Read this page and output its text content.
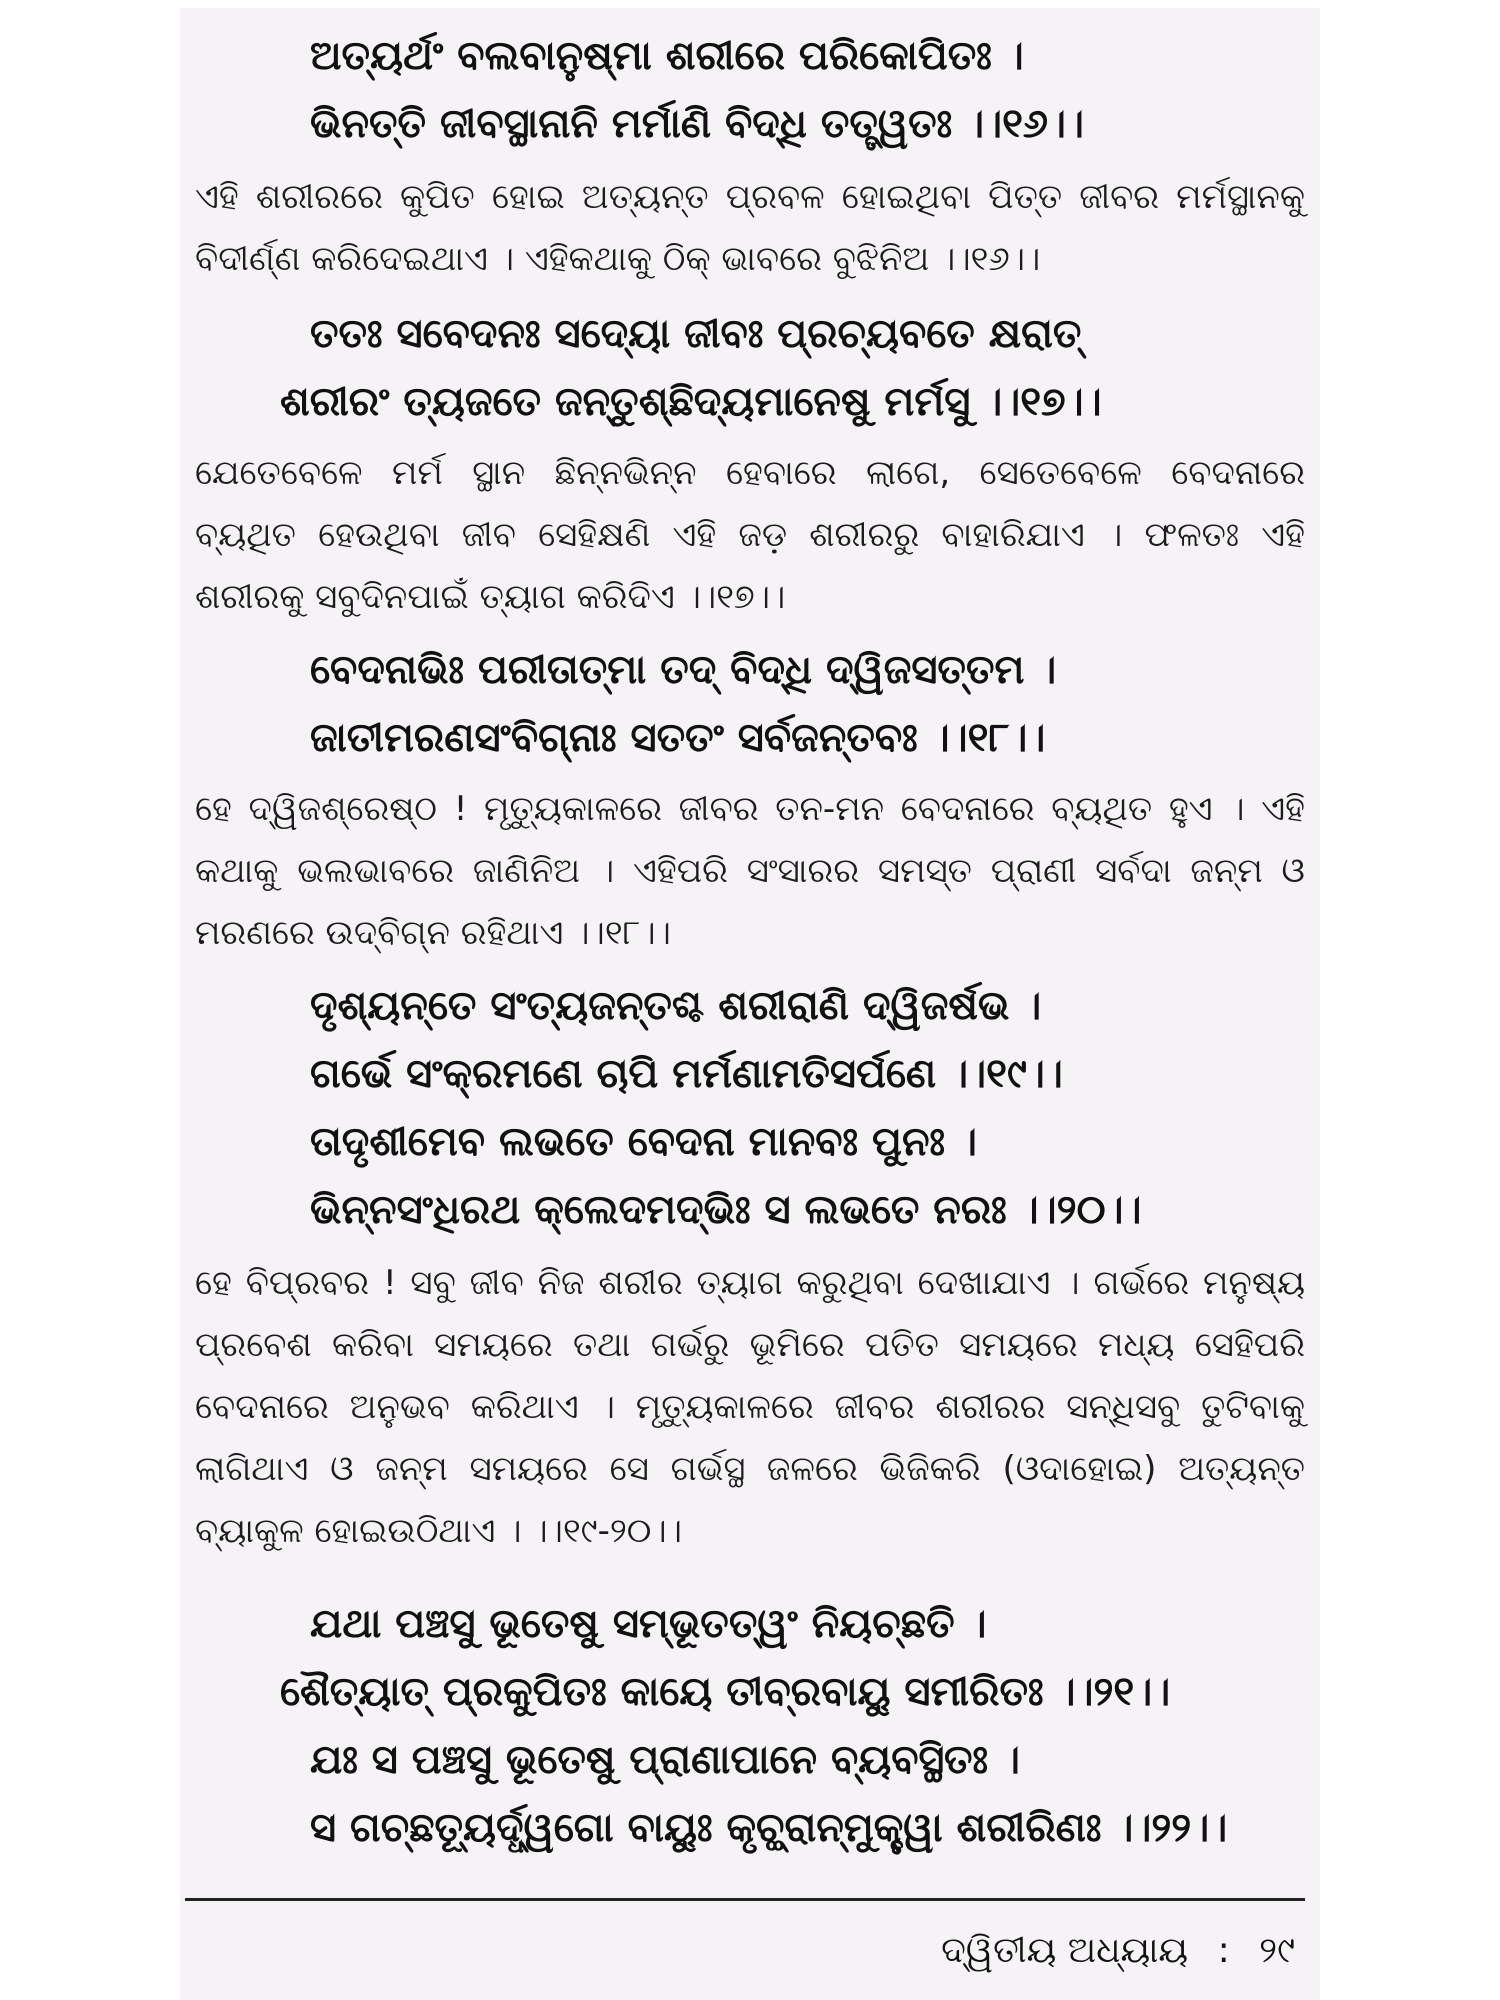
ଅତ୍ୟର୍ଥଂ ବଲବାନୁଷ୍ମା ଶରୀରେ ପରିକୋପିତଃ ।
ଭିନତ୍ତି ଜୀବସ୍ଥାନାନି ମର୍ମାଣି ବିଦ୍ଧି ତତ୍ତ୍ୱତଃ ।।୧୬।।
ଏହି ଶରୀରରେ କୁପିତ ହୋଇ ଅତ୍ୟନ୍ତ ପ୍ରବଳ ହୋଇଥିବା ପିତ୍ତ ଜୀବର ମର୍ମସ୍ଥାନକୁ
ବିଦୀର୍ଣ୍ଣ କରିଦେଇଥାଏ । ଏହିକଥାକୁ ଠିକ୍ ଭାବରେ ବୁଝିନିଅ ।।୧୬।।
ତତଃ ସବେଦନଃ ସଦ୍ୟୋ ଜୀବଃ ପ୍ରଚ୍ୟବତେ କ୍ଷରାତ୍
ଶରୀରଂ ତ୍ୟଜତେ ଜନ୍ତୁଶ୍ଛିଦ୍ୟମାନେଷୁ ମର୍ମସୁ ।।୧୭।।
ଯେତେବେଳେ ମର୍ମ ସ୍ଥାନ ଛିନ୍ନଭିନ୍ନ ହେବାରେ ଲାଗେ, ସେତେବେଳେ ବେଦନାରେ
ବ୍ୟଥିତ ହେଉଥିବା ଜୀବ ସେହିକ୍ଷଣି ଏହି ଜଡ଼ ଶରୀରରୁ ବାହାରିଯାଏ । ଫଳତଃ ଏହି
ଶରୀରକୁ ସବୁଦିନପାଇଁ ତ୍ୟାଗ କରିଦିଏ ।।୧୭।।
ବେଦନାଭିଃ ପରୀତାତ୍ମା ତଦ୍ ବିଦ୍ଧି ଦ୍ୱିଜସତ୍ତମ ।
ଜାତୀମରଣସଂବିଗ୍ନାଃ ସତତଂ ସର୍ବଜନ୍ତବଃ ।।୧୮।।
ହେ ଦ୍ୱିଜଶ୍ରେଷ୍ଠ ! ମୃତ୍ୟୁକାଳରେ ଜୀବର ତନ-ମନ ବେଦନାରେ ବ୍ୟଥିତ ହୁଏ । ଏହି
କଥାକୁ ଭଲଭାବରେ ଜାଣିନିଅ । ଏହିପରି ସଂସାରର ସମସ୍ତ ପ୍ରାଣୀ ସର୍ବଦା ଜନ୍ମ ଓ
ମରଣରେ ଉଦ୍‌ବିଗ୍ନ ରହିଥାଏ ।।୧୮।।
ଦୃଶ୍ୟନ୍ତେ ସଂତ୍ୟଜନ୍ତଶ୍ଚ ଶରୀରାଣି ଦ୍ୱିଜର୍ଷଭ ।
ଗର୍ଭେ ସଂକ୍ରମଣେ ଚାପି ମର୍ମଣାମତିସର୍ପଣେ ।।୧୯।।
ତାଦୃଶୀମେବ ଲଭତେ ବେଦନା ମାନବଃ ପୁନଃ ।
ଭିନ୍ନସଂଧିରଥ କ୍ଲେଦମଦ୍ଭିଃ ସ ଲଭତେ ନରଃ ।।୨୦।।
ହେ ବିପ୍ରବର ! ସବୁ ଜୀବ ନିଜ ଶରୀର ତ୍ୟାଗ କରୁଥିବା ଦେଖାଯାଏ । ଗର୍ଭରେ ମନୁଷ୍ୟ
ପ୍ରବେଶ କରିବା ସମୟରେ ତଥା ଗର୍ଭରୁ ଭୂମିରେ ପତିତ ସମୟରେ ମଧ୍ୟ ସେହିପରି
ବେଦନାରେ ଅନୁଭବ କରିଥାଏ । ମୃତ୍ୟୁକାଳରେ ଜୀବର ଶରୀରର ସନ୍ଧିସବୁ ତୁଟିବାକୁ
ଲାଗିଥାଏ ଓ ଜନ୍ମ ସମୟରେ ସେ ଗର୍ଭସ୍ଥ ଜଳରେ ଭିଜିକରି (ଓଦାହୋଇ) ଅତ୍ୟନ୍ତ
ବ୍ୟାକୁଳ ହୋଇଉଠିଥାଏ । ।।୧୯-୨୦।।
ଯଥା ପଞ୍ଚସୁ ଭୂତେଷୁ ସମ୍ଭୂତତ୍ୱଂ ନିୟଚ୍ଛତି ।
ଶୈତ୍ୟାତ୍ ପ୍ରକୁପିତଃ କାୟେ ତୀବ୍ରବାୟୁ ସମୀରିତଃ ।।୨୧।।
ଯଃ ସ ପଞ୍ଚସୁ ଭୂତେଷୁ ପ୍ରାଣାପାନେ ବ୍ୟବସ୍ଥିତଃ ।
ସ ଗଚ୍ଛତ୍ୟୂର୍ଦ୍ଧ୍ୱଗୋ ବାୟୁଃ କୃଚ୍ଛ୍ରାନ୍ମୁକ୍ତ୍ୱା ଶରୀରିଣଃ ।।୨୨।।
ଦ୍ୱିତୀୟ ଅଧ୍ୟାୟ : ୨୯
